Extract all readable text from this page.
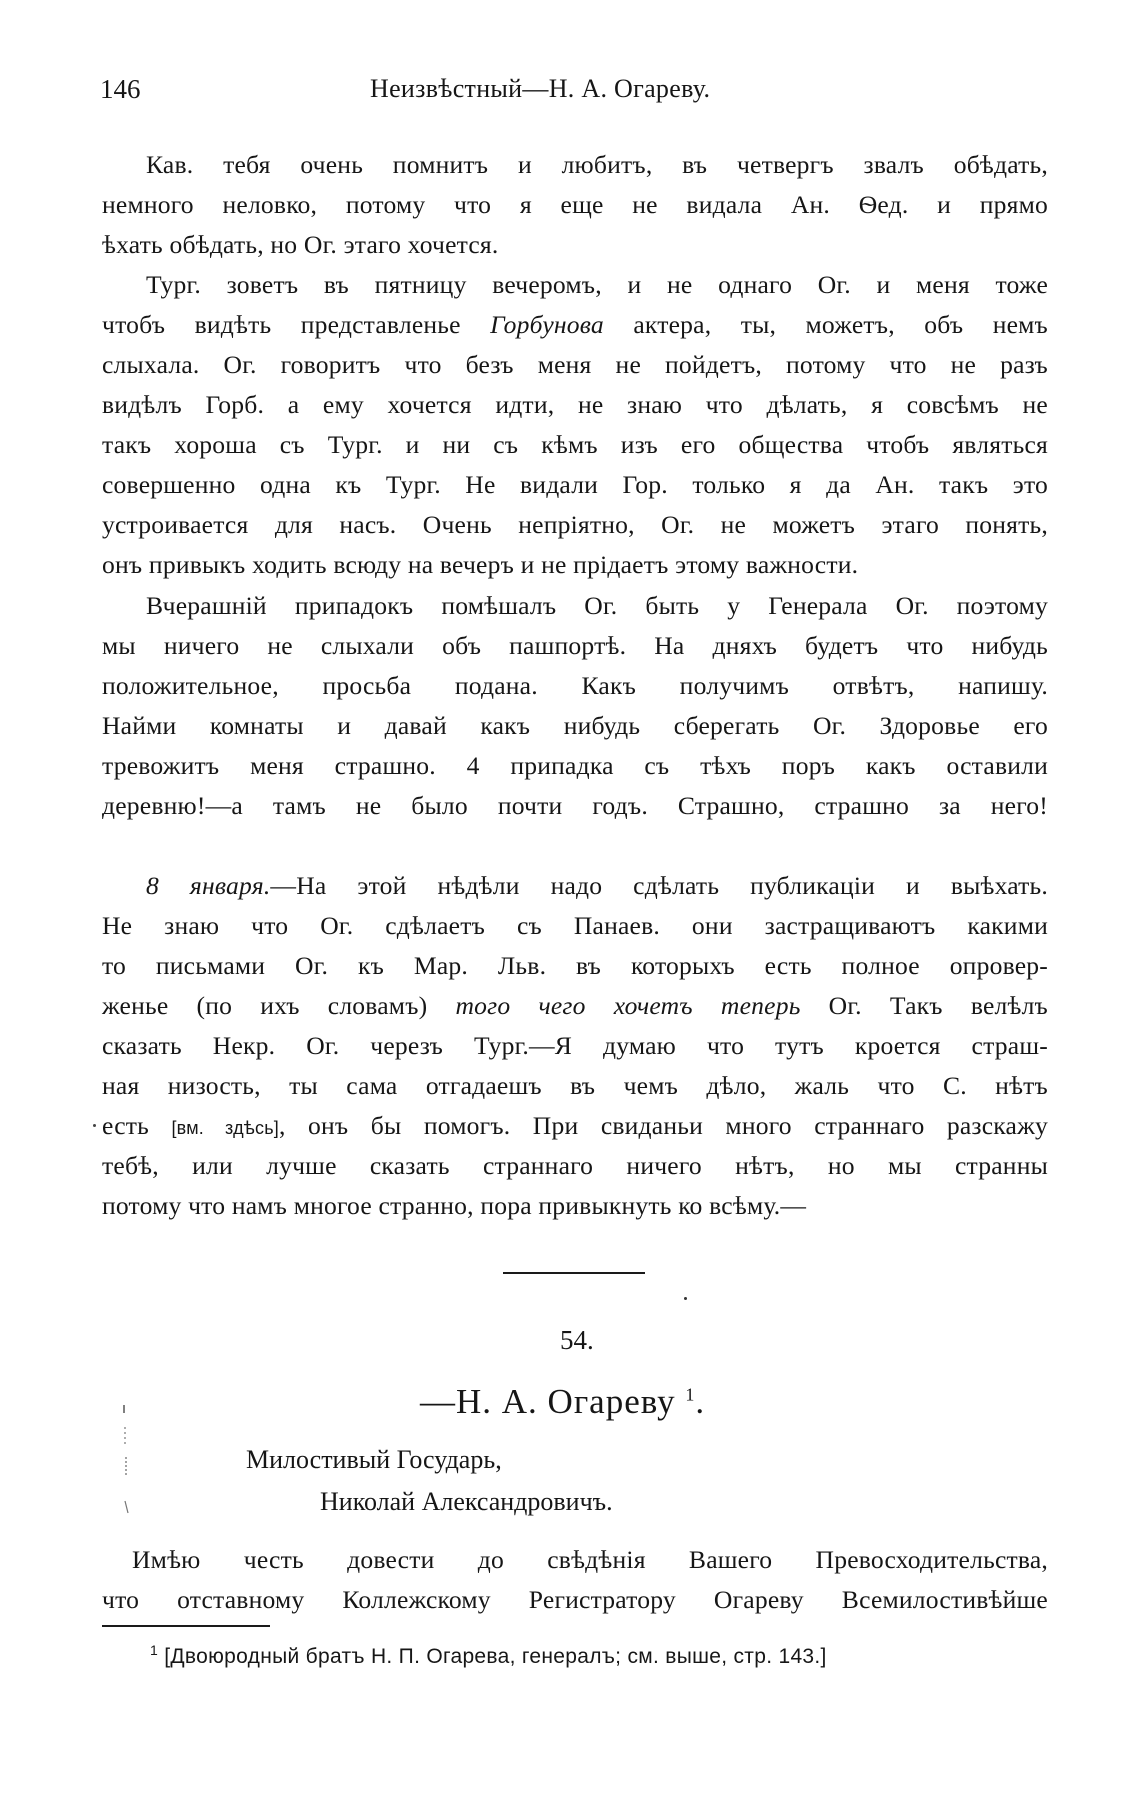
146	Неизвѣстный—Н. А. Огареву.
Кав. тебя очень помнитъ и любитъ, въ четвергъ звалъ обѣдать,
немного неловко, потому что я еще не видала Ан. Ѳед. и прямо
ѣхать обѣдать, но Ог. этаго хочется.
Тург. зоветъ въ пятницу вечеромъ, и не однаго Ог. и меня тоже
чтобъ видѣть представленье Горбунова актера, ты, можетъ, объ немъ
слыхала. Ог. говоритъ что безъ меня не пойдетъ, потому что не разъ
видѣлъ Горб. а ему хочется идти, не знаю что дѣлать, я совсѣмъ не
такъ хороша съ Тург. и ни съ кѣмъ изъ его общества чтобъ являться
совершенно одна къ Тург. Не видали Гор. только я да Ан. такъ это
устроивается для насъ. Очень непрiятно, Ог. не можетъ этаго понять,
онъ привыкъ ходить всюду на вечеръ и не прiдаетъ этому важности.
Вчерашнiй припадокъ помѣшалъ Ог. быть у Генерала Ог. поэтому
мы ничего не слыхали объ пашпортѣ. На дняхъ будетъ что нибудь
положительное, просьба подана. Какъ получимъ отвѣтъ, напишу.
Найми комнаты и давай какъ нибудь сберегать Ог. Здоровье его
тревожитъ меня страшно. 4 припадка съ тѣхъ поръ какъ оставили
деревню!—а тамъ не было почти годъ. Страшно, страшно за него!
8 января.—На этой нѣдѣли надо сдѣлать публикацiи и выѣхать.
Не знаю что Ог. сдѣлаетъ съ Панаев. они застращиваютъ какими
то письмами Ог. къ Мар. Льв. въ которыхъ есть полное опровер-
женье (по ихъ словамъ) того чего хочетъ теперь Ог. Такъ велѣлъ
сказать Некр. Ог. черезъ Тург.—Я думаю что тутъ кроется страш-
ная низость, ты сама отгадаешъ въ чемъ дѣло, жаль что С. нѣтъ
есть [вм. здѣсь], онъ бы помогъ. При свиданьи много страннаго разскажу
тебѣ, или лучше сказать страннаго ничего нѣтъ, но мы странны
потому что намъ многое странно, пора привыкнуть ко всѣму.—
54.
—Н. А. Огареву $^1$.
Милостивый Государь,
Николай Александровичъ.
Имѣю честь довести до свѣдѣнiя Вашего Превосходительства,
что отставному Коллежскому Регистратору Огареву Всемилостивѣйше
$^1$ [Двоюродный братъ Н. П. Огарева, генералъ; см. выше, стр. 143.]
